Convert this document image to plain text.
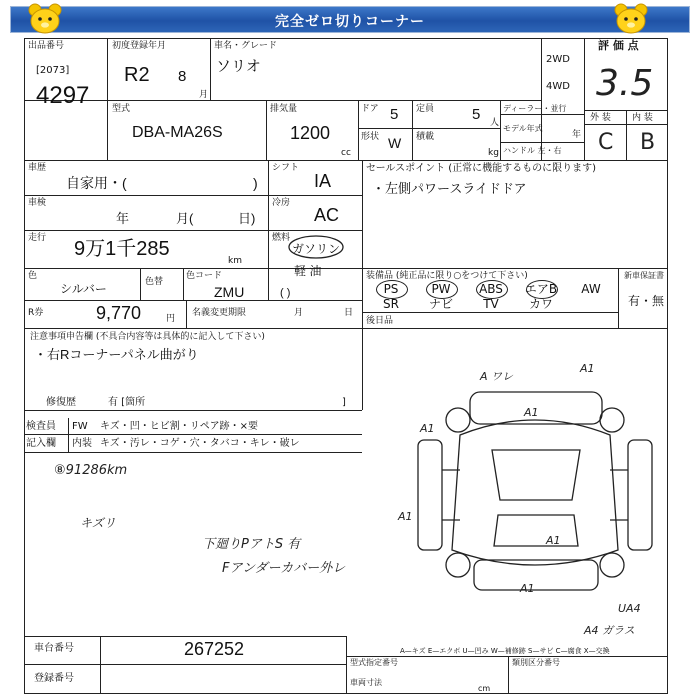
完全ゼロ切りコーナー
出品番号
[2073]
4297
初度登録年月
R2 8
月
車名・グレード
ソリオ	2WD
4WD
評 価 点
3.5
外 装 内 装
C B
型式
DBA-MA26S
排気量
1200
cc
ドア 5 定員	5 人
形状 W 積載
kg
ディーラー・並行
モデル年式
年
ハンドル 左・右
車歴
自家用・(	)
シフト
IA
車検
年	月(	日)
冷房
AC
走行 9万1千285
km
燃料
ガソリン
軽 油
( )
色
シルバー	色替
色コード
ZMU
R券	9,770	円
名義変更期限	月	日
セールスポイント (正常に機能するものに限ります)
・左側パワースライドドア
装備品 (純正品に限り○をつけて下さい)	新車保証書
有・無
PS	PW	ABS	エアB	AW
SR	ナビ	TV	カワ
後日品
注意事項申告欄 (不具合内容等は具体的に記入して下さい)
・右Rコーナーパネル曲がり
修復歴	有 [箇所	]
検査員
記入欄
FW キズ・凹・ヒビ割・リペア跡・×要
内装 キズ・汚レ・コゲ・穴・タバコ・キレ・破レ
⑧91286km
キズリ
下廻りPアトS 有
Fアンダーカバー外レ
A ワレ
A1
A1
A1
A1
A1
A1
UA4
A4 ガラス
車台番号	267252
登録番号
A—キズ E—エクボ U—凹み W—補修跡 S—サビ C—腐食 X—交換
型式指定番号	類別区分番号
車両寸法
cm
